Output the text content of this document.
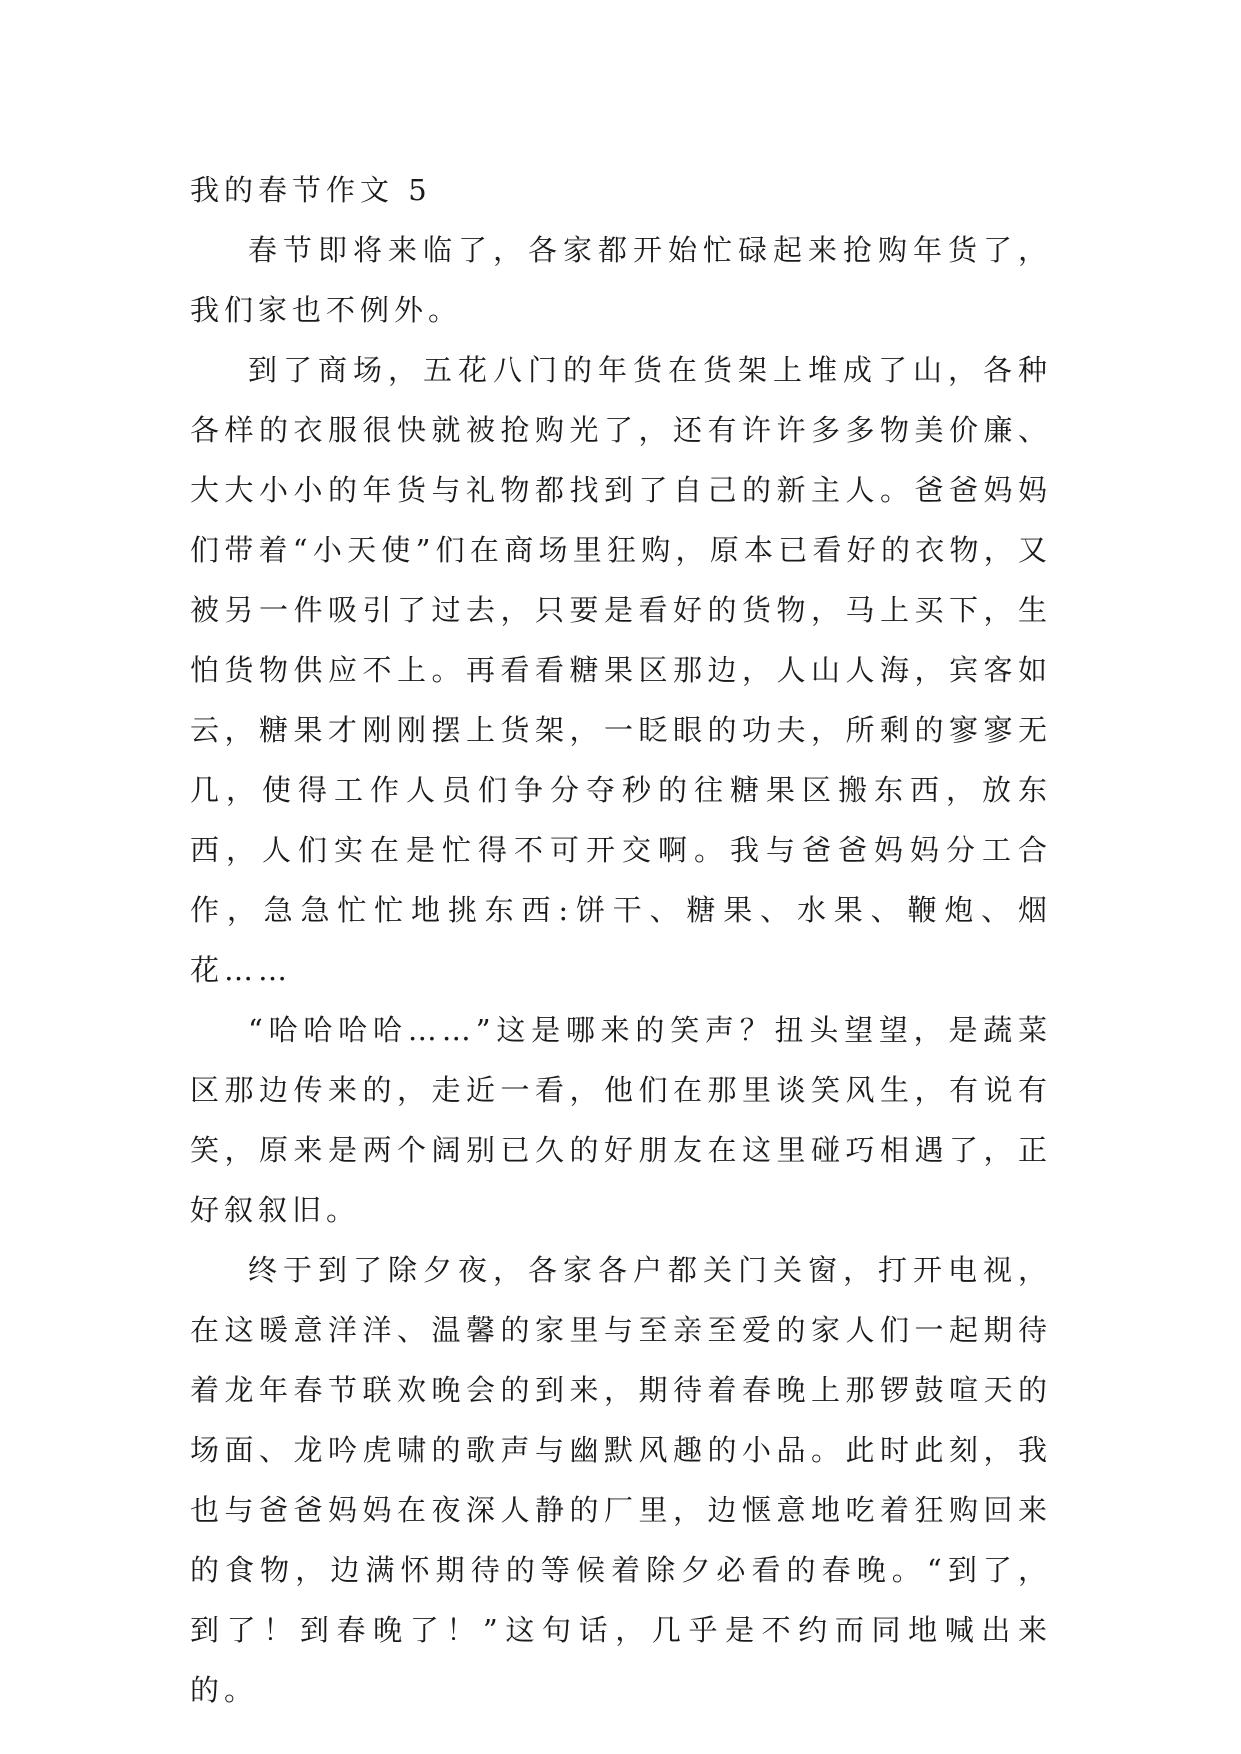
我的春节作文 5

春节即将来临了，各家都开始忙碌起来抢购年货了，我们家也不例外。

到了商场，五花八门的年货在货架上堆成了山，各种各样的衣服很快就被抢购光了，还有许许多多物美价廉、大大小小的年货与礼物都找到了自己的新主人。爸爸妈妈们带着“小天使”们在商场里狂购，原本已看好的衣物，又被另一件吸引了过去，只要是看好的货物，马上买下，生怕货物供应不上。再看看糖果区那边，人山人海，宾客如云，糖果才刚刚摆上货架，一眨眼的功夫，所剩的寥寥无几，使得工作人员们争分夺秒的往糖果区搬东西，放东西，人们实在是忙得不可开交啊。我与爸爸妈妈分工合作，急急忙忙地挑东西:饼干、糖果、水果、鞭炮、烟花……

“哈哈哈哈……”这是哪来的笑声？扭头望望，是蔬菜区那边传来的，走近一看，他们在那里谈笑风生，有说有笑，原来是两个阔别已久的好朋友在这里碰巧相遇了，正好叙叙旧。

终于到了除夕夜，各家各户都关门关窗，打开电视，在这暖意洋洋、温馨的家里与至亲至爱的家人们一起期待着龙年春节联欢晚会的到来，期待着春晚上那锣鼓喧天的场面、龙吟虎啸的歌声与幽默风趣的小品。此时此刻，我也与爸爸妈妈在夜深人静的厂里，边惬意地吃着狂购回来的食物，边满怀期待的等候着除夕必看的春晚。“到了，到了！到春晚了！”这句话，几乎是不约而同地喊出来的。
